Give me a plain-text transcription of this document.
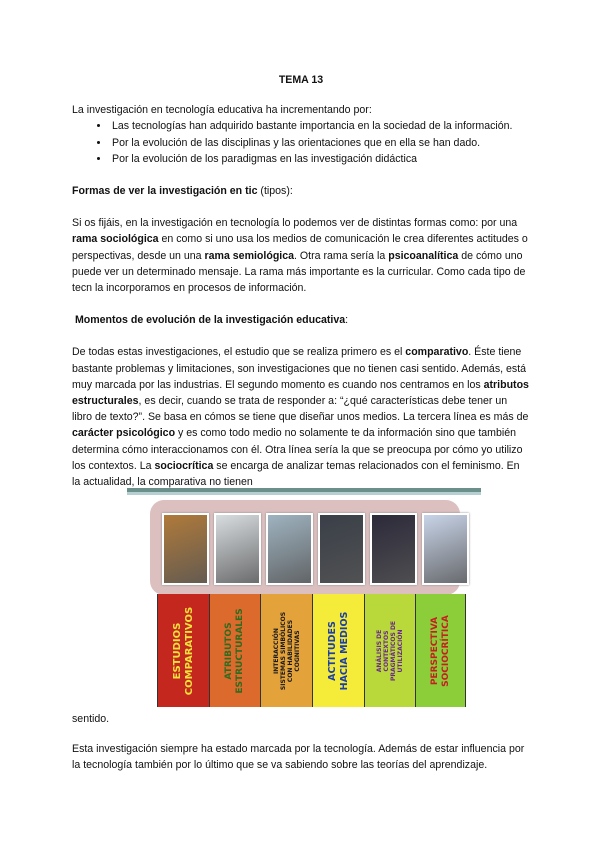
TEMA 13

La investigación en tecnología educativa ha incrementando por:

• Las tecnologías han adquirido bastante importancia en la sociedad de la información.
• Por la evolución de las disciplinas y las orientaciones que en ella se han dado.
• Por la evolución de los paradigmas en las investigación didáctica

Formas de ver la investigación en tic (tipos):

Si os fijáis, en la investigación en tecnología lo podemos ver de distintas formas como: por una rama sociológica en como si uno usa los medios de comunicación le crea diferentes actitudes o perspectivas, desde un una rama semiológica. Otra rama sería la psicoanalítica de cómo uno puede ver un determinado mensaje. La rama más importante es la curricular. Como cada tipo de tecn la incorporamos en procesos de información.

Momentos de evolución de la investigación educativa:

De todas estas investigaciones, el estudio que se realiza primero es el comparativo. Éste tiene bastante problemas y limitaciones, son investigaciones que no tienen casi sentido. Además, está muy marcada por las industrias. El segundo momento es cuando nos centramos en los atributos estructurales, es decir, cuando se trata de responder a: “¿qué características debe tener un libro de texto?”. Se basa en cómos se tiene que diseñar unos medios. La tercera línea es más de carácter psicológico y es como todo medio no solamente te da información sino que también determina cómo interaccionamos con él. Otra línea sería la que se preocupa por cómo yo utilizo los contextos. La sociocrítica se encarga de analizar temas relacionados con el feminismo. En la actualidad, la comparativa no tienen

ESTUDIOS
COMPARATIVOS	ATRIBUTOS
ESTRUCTURALES	INTERACCIÓN
SISTEMAS SIMBÓLICOS
CON HABILIDADES
COGNITIVAS	ACTITUDES
HACIA MEDIOS
ANÁLISIS DE
CONTEXTOS
PRAGMÁTICOS DE
UTILIZACIÓN	PERSPECTIVA
SOCIOCRÍTICA

sentido.

Esta investigación siempre ha estado marcada por la tecnología. Además de estar influencia por la tecnología también por lo último que se va sabiendo sobre las teorías del aprendizaje.
